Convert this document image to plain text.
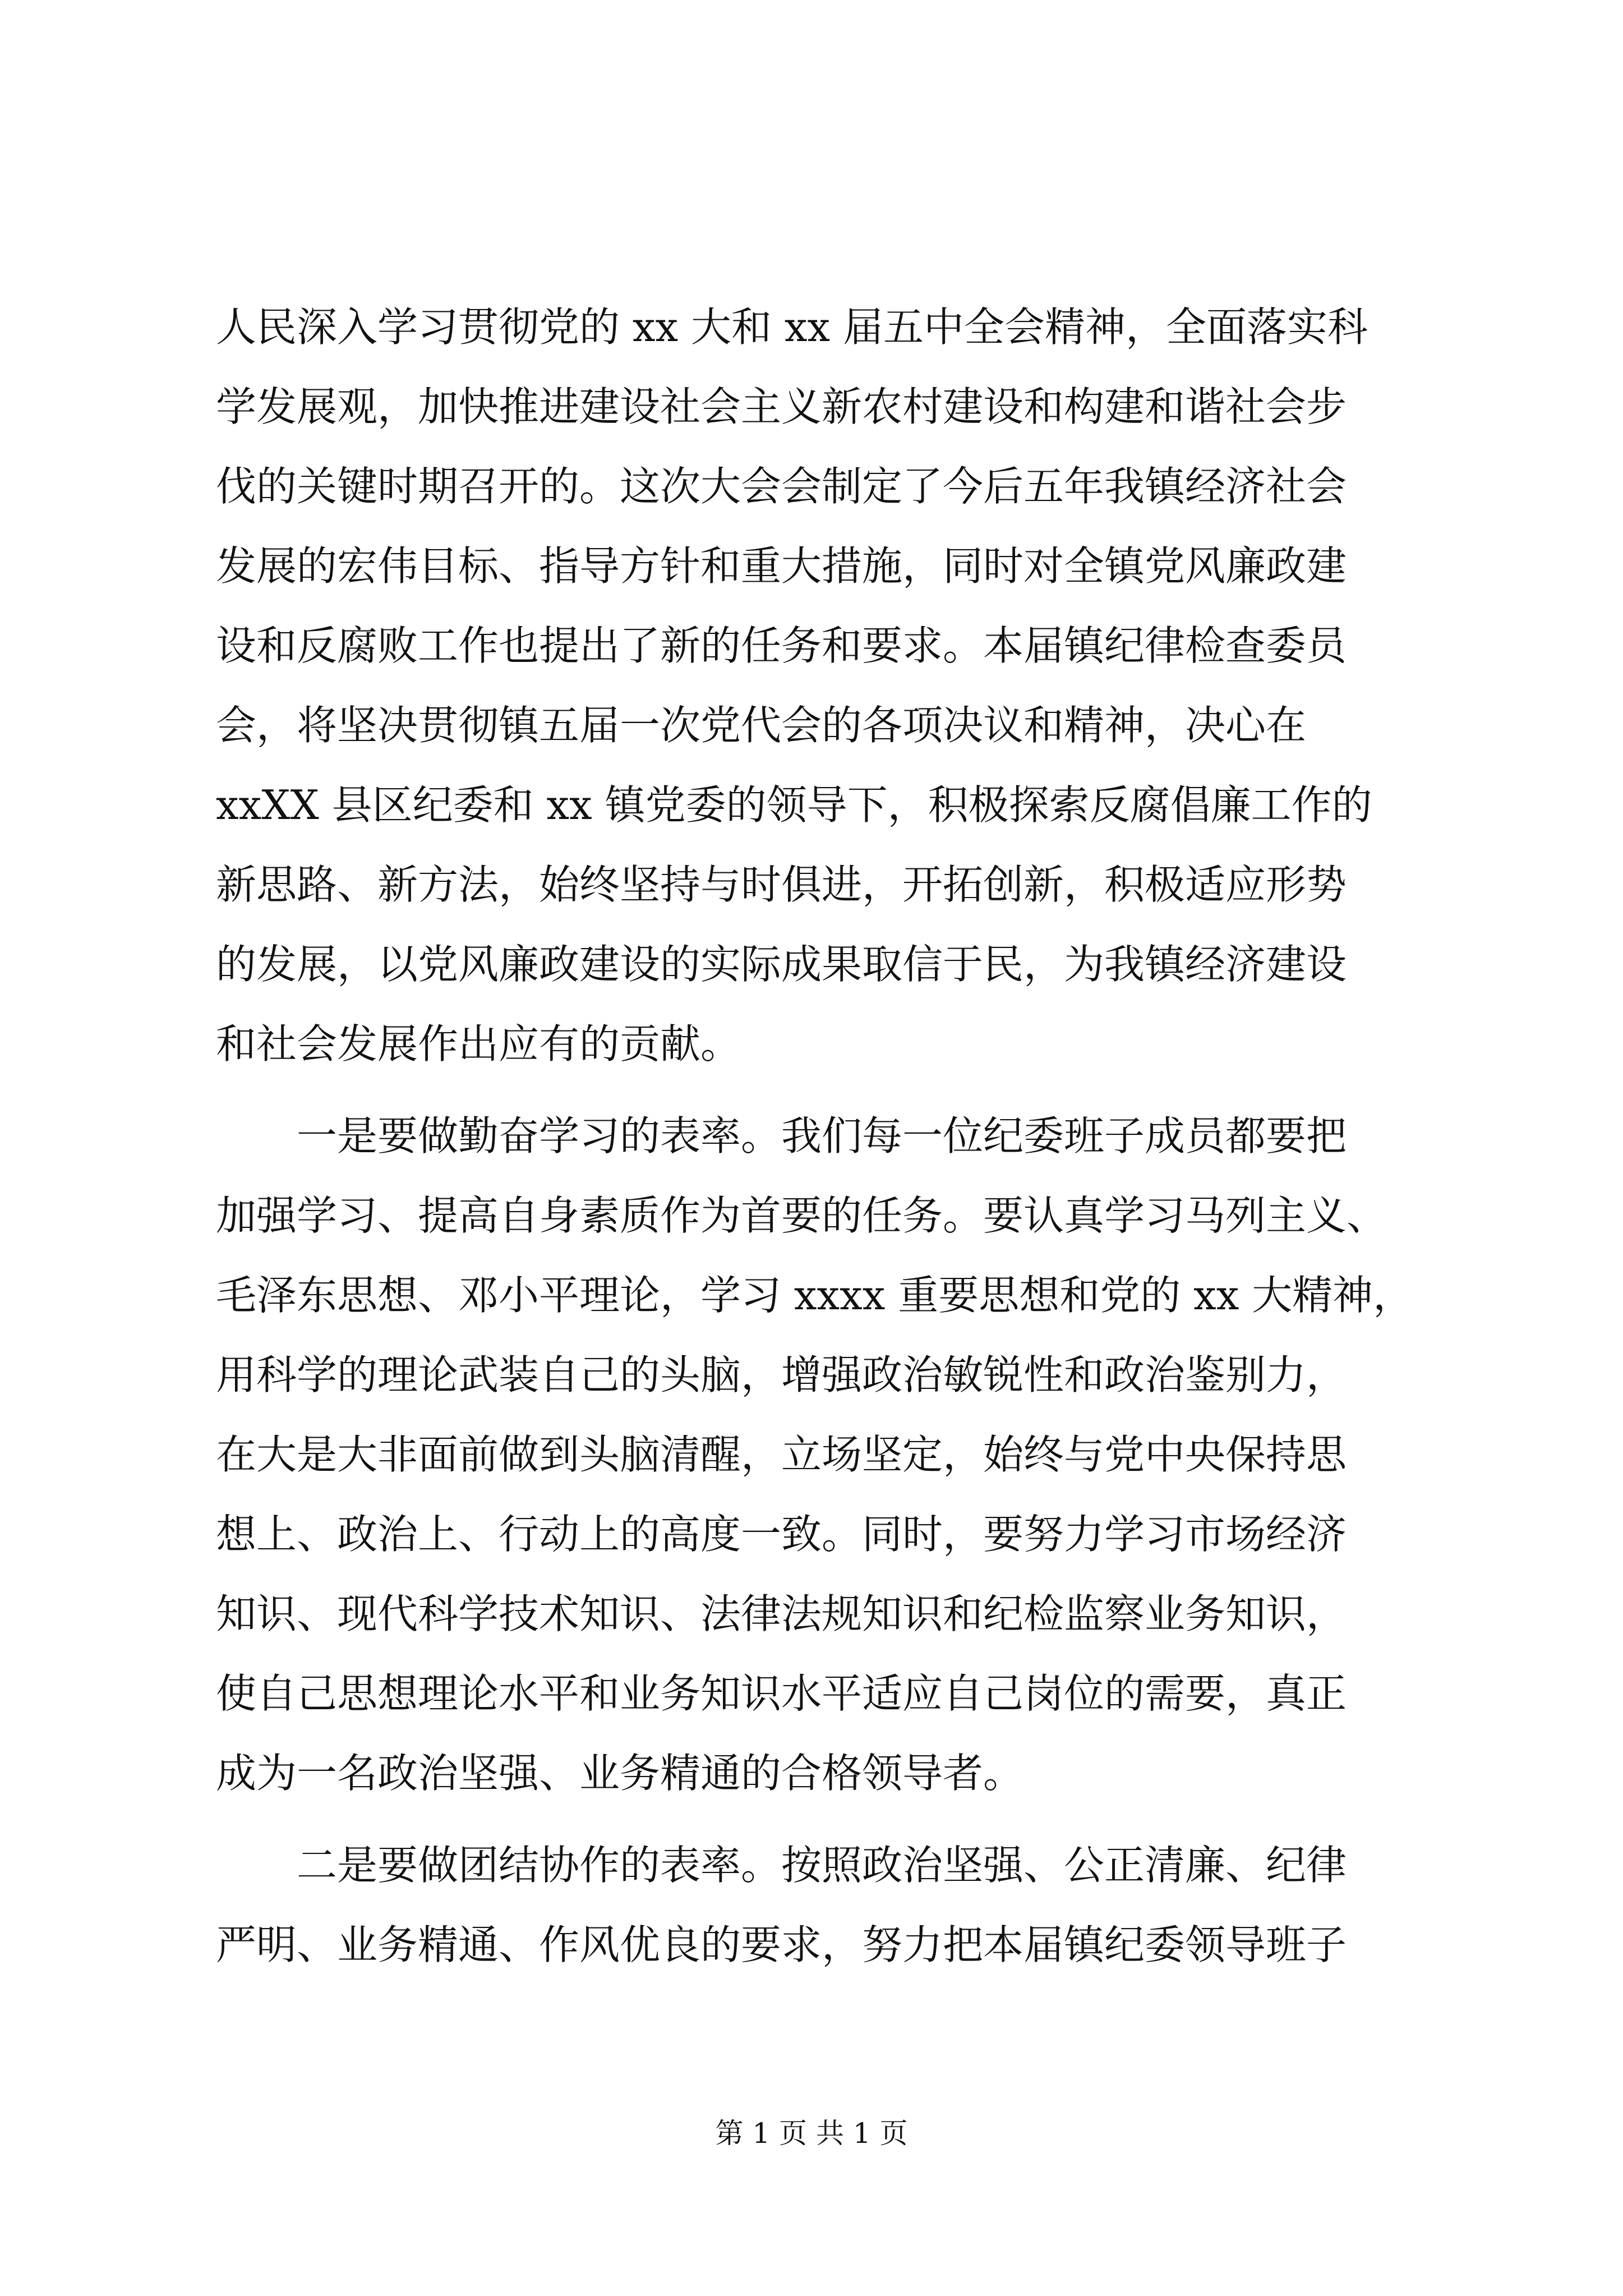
人民深入学习贯彻党的 xx 大和 xx 届五中全会精神，全面落实科
学发展观，加快推进建设社会主义新农村建设和构建和谐社会步
伐的关键时期召开的。这次大会会制定了今后五年我镇经济社会
发展的宏伟目标、指导方针和重大措施，同时对全镇党风廉政建
设和反腐败工作也提出了新的任务和要求。本届镇纪律检查委员
会，将坚决贯彻镇五届一次党代会的各项决议和精神，决心在
xxXX 县区纪委和 xx 镇党委的领导下，积极探索反腐倡廉工作的
新思路、新方法，始终坚持与时俱进，开拓创新，积极适应形势
的发展，以党风廉政建设的实际成果取信于民，为我镇经济建设
和社会发展作出应有的贡献。
　　一是要做勤奋学习的表率。我们每一位纪委班子成员都要把
加强学习、提高自身素质作为首要的任务。要认真学习马列主义、
毛泽东思想、邓小平理论，学习 xxxx 重要思想和党的 xx 大精神，
用科学的理论武装自己的头脑，增强政治敏锐性和政治鉴别力，
在大是大非面前做到头脑清醒，立场坚定，始终与党中央保持思
想上、政治上、行动上的高度一致。同时，要努力学习市场经济
知识、现代科学技术知识、法律法规知识和纪检监察业务知识，
使自己思想理论水平和业务知识水平适应自己岗位的需要，真正
成为一名政治坚强、业务精通的合格领导者。
　　二是要做团结协作的表率。按照政治坚强、公正清廉、纪律
严明、业务精通、作风优良的要求，努力把本届镇纪委领导班子
第 1 页 共 1 页
